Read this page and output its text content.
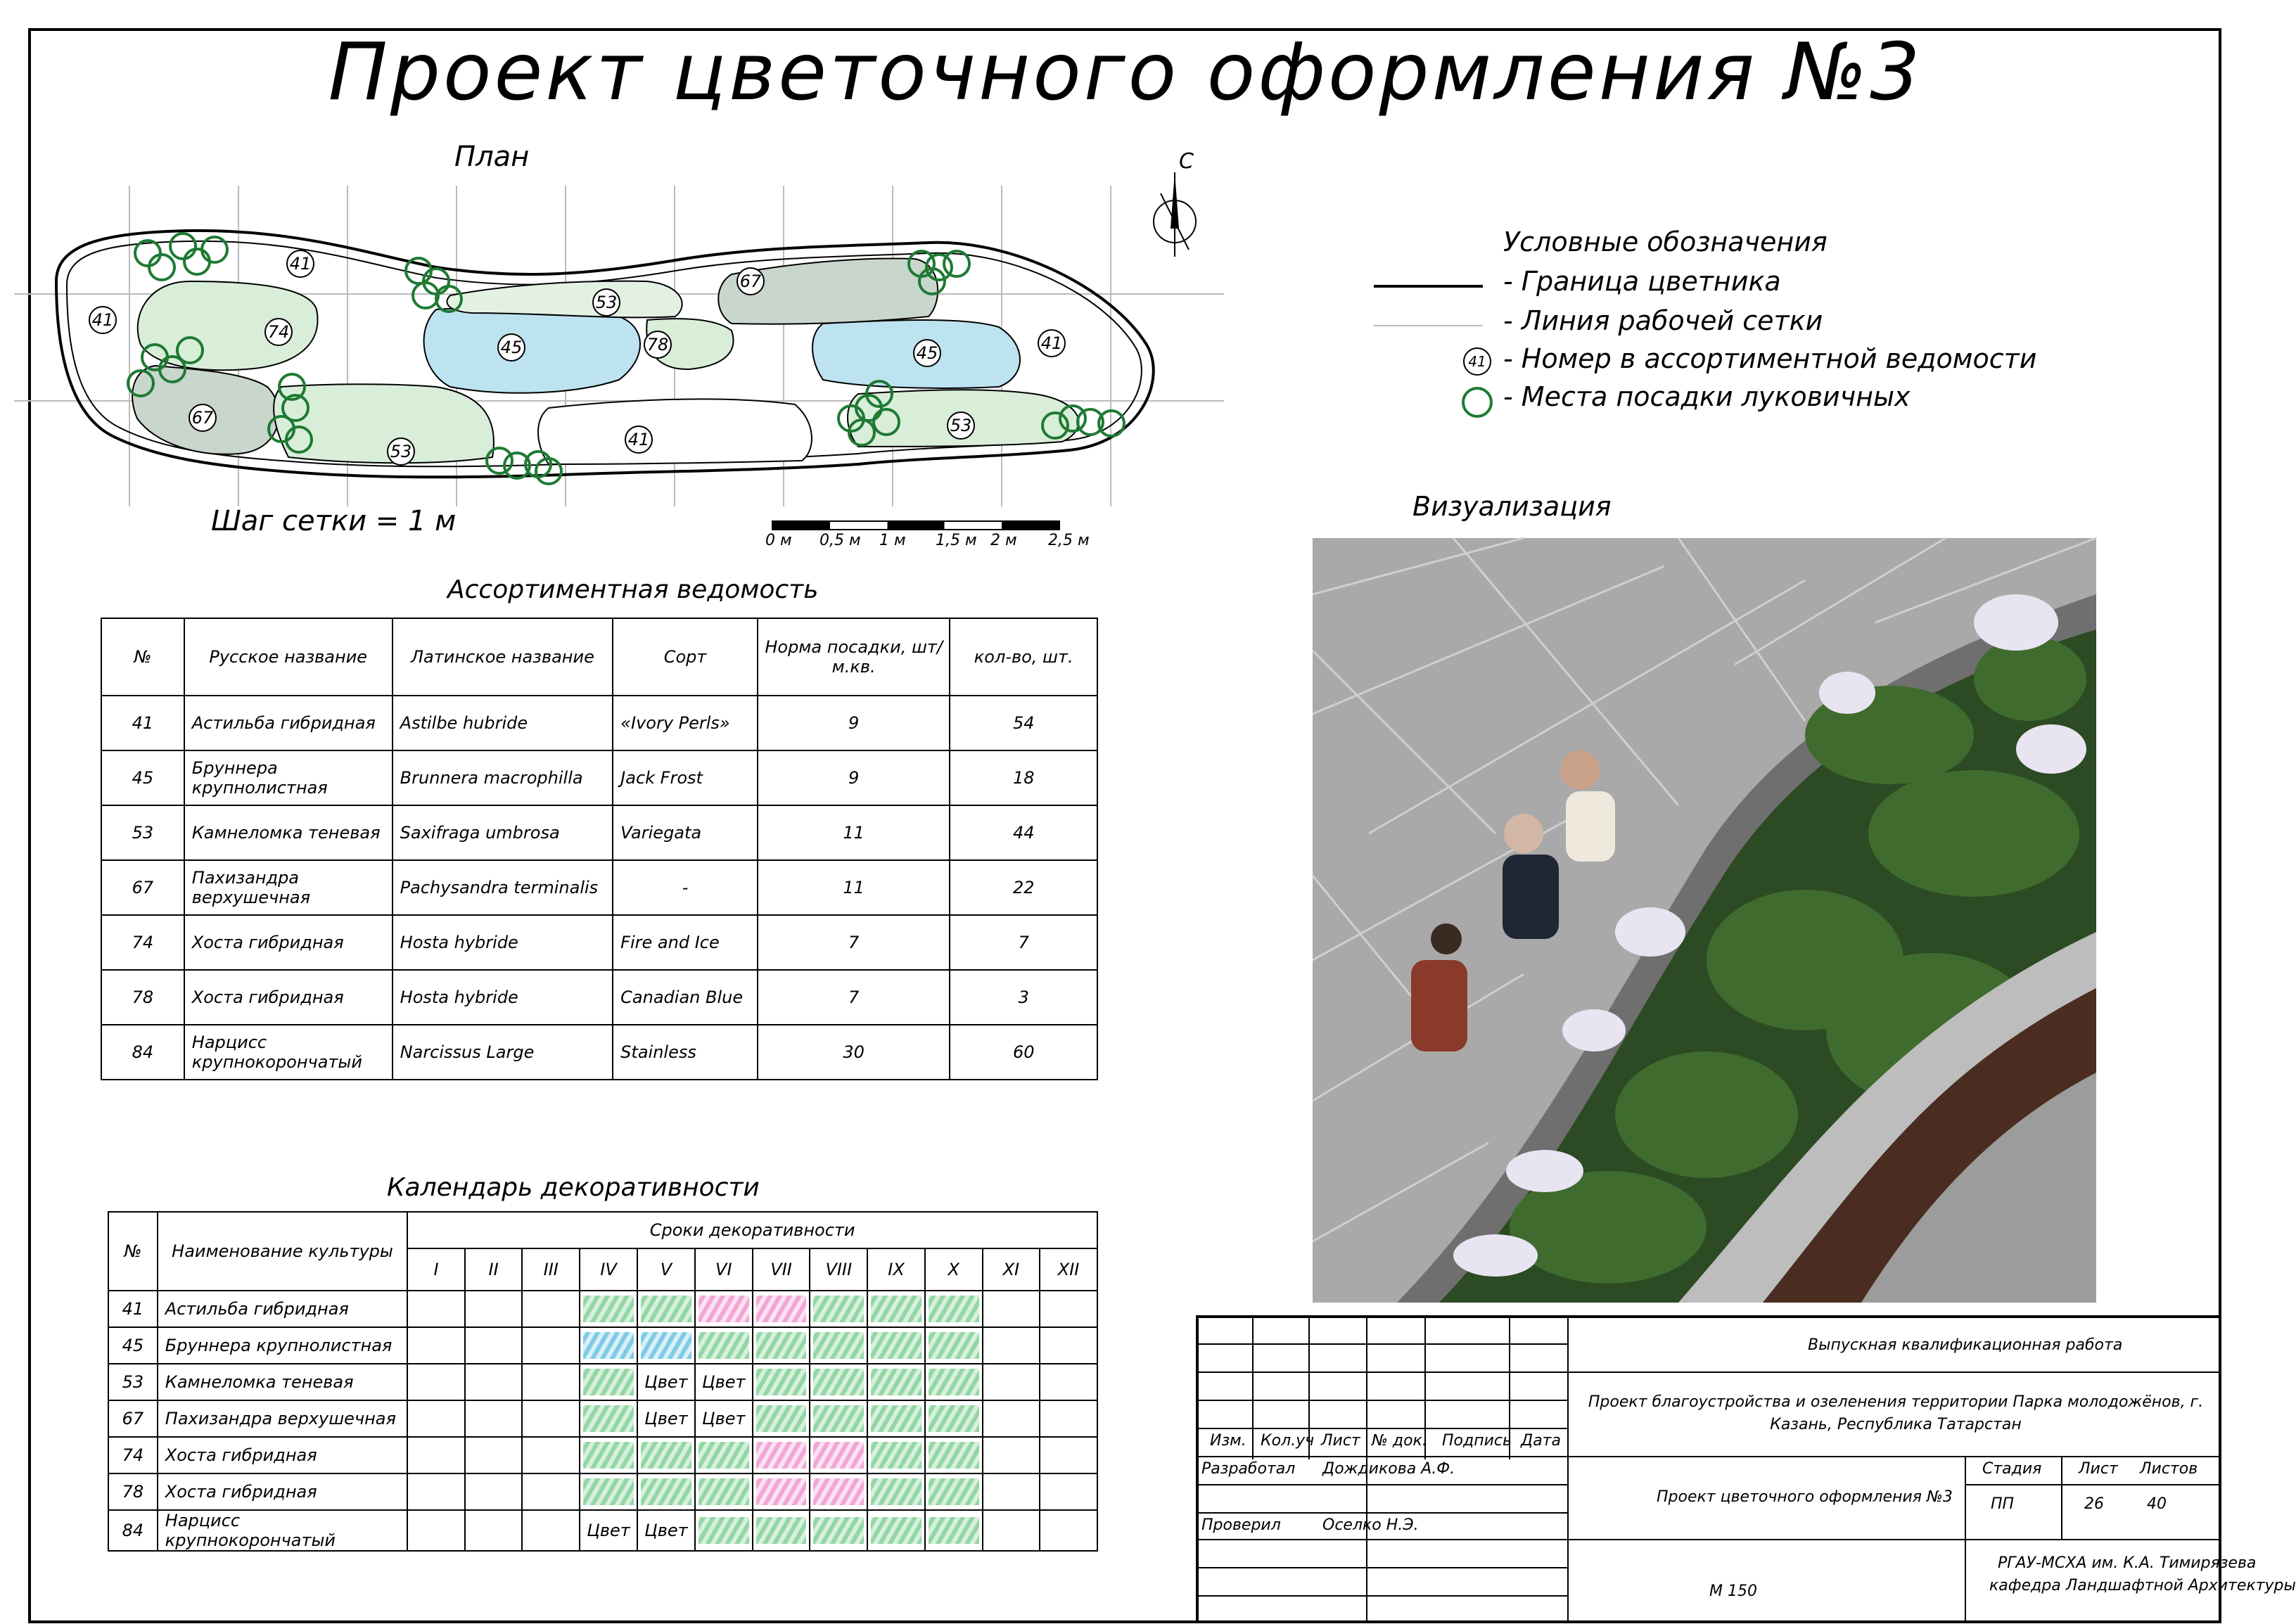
Проект цветочного оформления №3
План
41
41
74
67
53
45
53
78
67
45
53
41
41
С
Шаг сетки = 1 м
0 м 0,5 м 1 м 1,5 м 2 м 2,5 м
Условные обозначения
- Граница цветника
- Линия рабочей сетки
41 - Номер в ассортиментной ведомости
- Места посадки луковичных
Визуализация
Ассортиментная ведомость
№	Русское название	Латинское название	Сорт	Норма посадки, шт/м.кв.	кол-во, шт.
41	Астильба гибридная	Astilbe hubride	«Ivory Perls»	9	54
45	Бруннера крупнолистная	Brunnera macrophilla	Jack Frost	9	18
53	Камнеломка теневая	Saxifraga umbrosa	Variegata	11	44
67	Пахизандра верхушечная	Pachysandra terminalis	-	11	22
74	Хоста гибридная	Hosta hybride	Fire and Ice	7	7
78	Хоста гибридная	Hosta hybride	Canadian Blue	7	3
84	Нарцисс крупнокорончатый	Narcissus Large	Stainless	30	60
Календарь декоративности
№	Наименование культуры	Сроки декоративности											
		I	II	III	IV	V	VI	VII	VIII	IX	X	XI	XII
41	Астильба гибридная				

45	Бруннера крупнолистная				

53	Камнеломка теневая					Цвет	Цвет	

67	Пахизандра верхушечная					Цвет	Цвет	

74	Хоста гибридная				

78	Хоста гибридная				

84	Нарцисс крупнокорончатый				Цвет	Цвет	

Выпускная квалификационная работа
Проект благоустройства и озеленения территории Парка молодожёнов, г. Казань, Республика Татарстан
Изм. Кол.уч Лист № док. Подпись Дата
Разработал Дождикова А.Ф.
Проверил	Оселко Н.Э.
Проект цветочного оформления №3
М 150
Стадия
ПП
Лист
26
Листов
40
РГАУ-МСХА им. К.А. Тимирязева
кафедра Ландшафтной Архитектуры
